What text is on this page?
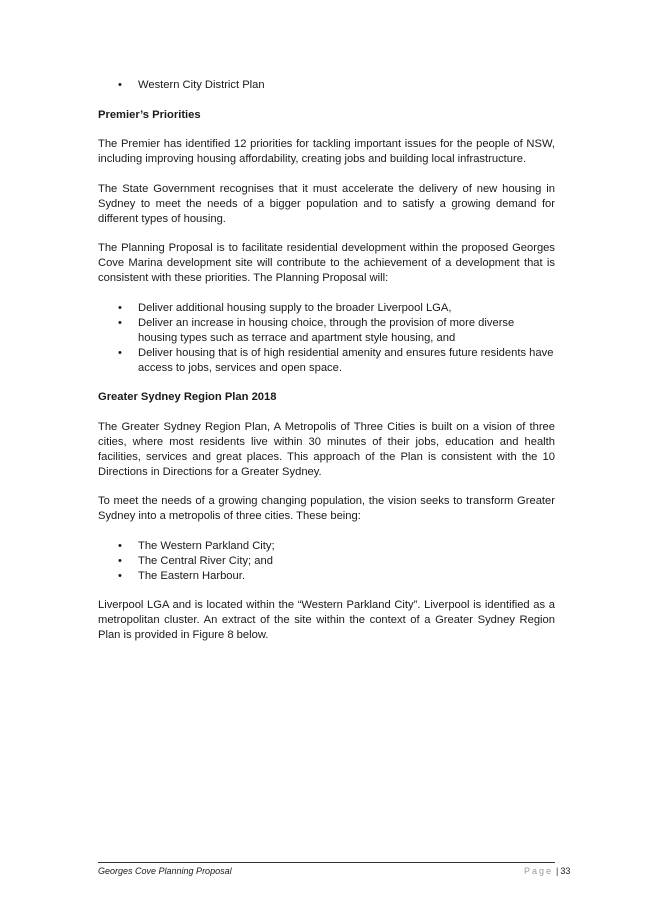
• Western City District Plan
Premier’s Priorities

The Premier has identified 12 priorities for tackling important issues for the people of NSW, including improving housing affordability, creating jobs and building local infrastructure.

The State Government recognises that it must accelerate the delivery of new housing in Sydney to meet the needs of a bigger population and to satisfy a growing demand for different types of housing.

The Planning Proposal is to facilitate residential development within the proposed Georges Cove Marina development site will contribute to the achievement of a development that is consistent with these priorities. The Planning Proposal will:

• Deliver additional housing supply to the broader Liverpool LGA,
• Deliver an increase in housing choice, through the provision of more diverse housing types such as terrace and apartment style housing, and
• Deliver housing that is of high residential amenity and ensures future residents have access to jobs, services and open space.
Greater Sydney Region Plan 2018

The Greater Sydney Region Plan, A Metropolis of Three Cities is built on a vision of three cities, where most residents live within 30 minutes of their jobs, education and health facilities, services and great places. This approach of the Plan is consistent with the 10 Directions in Directions for a Greater Sydney.

To meet the needs of a growing changing population, the vision seeks to transform Greater Sydney into a metropolis of three cities. These being:

• The Western Parkland City;
• The Central River City; and
• The Eastern Harbour.

Liverpool LGA and is located within the “Western Parkland City”. Liverpool is identified as a metropolitan cluster. An extract of the site within the context of a Greater Sydney Region Plan is provided in Figure 8 below.

Georges Cove Planning Proposal	Page | 33
